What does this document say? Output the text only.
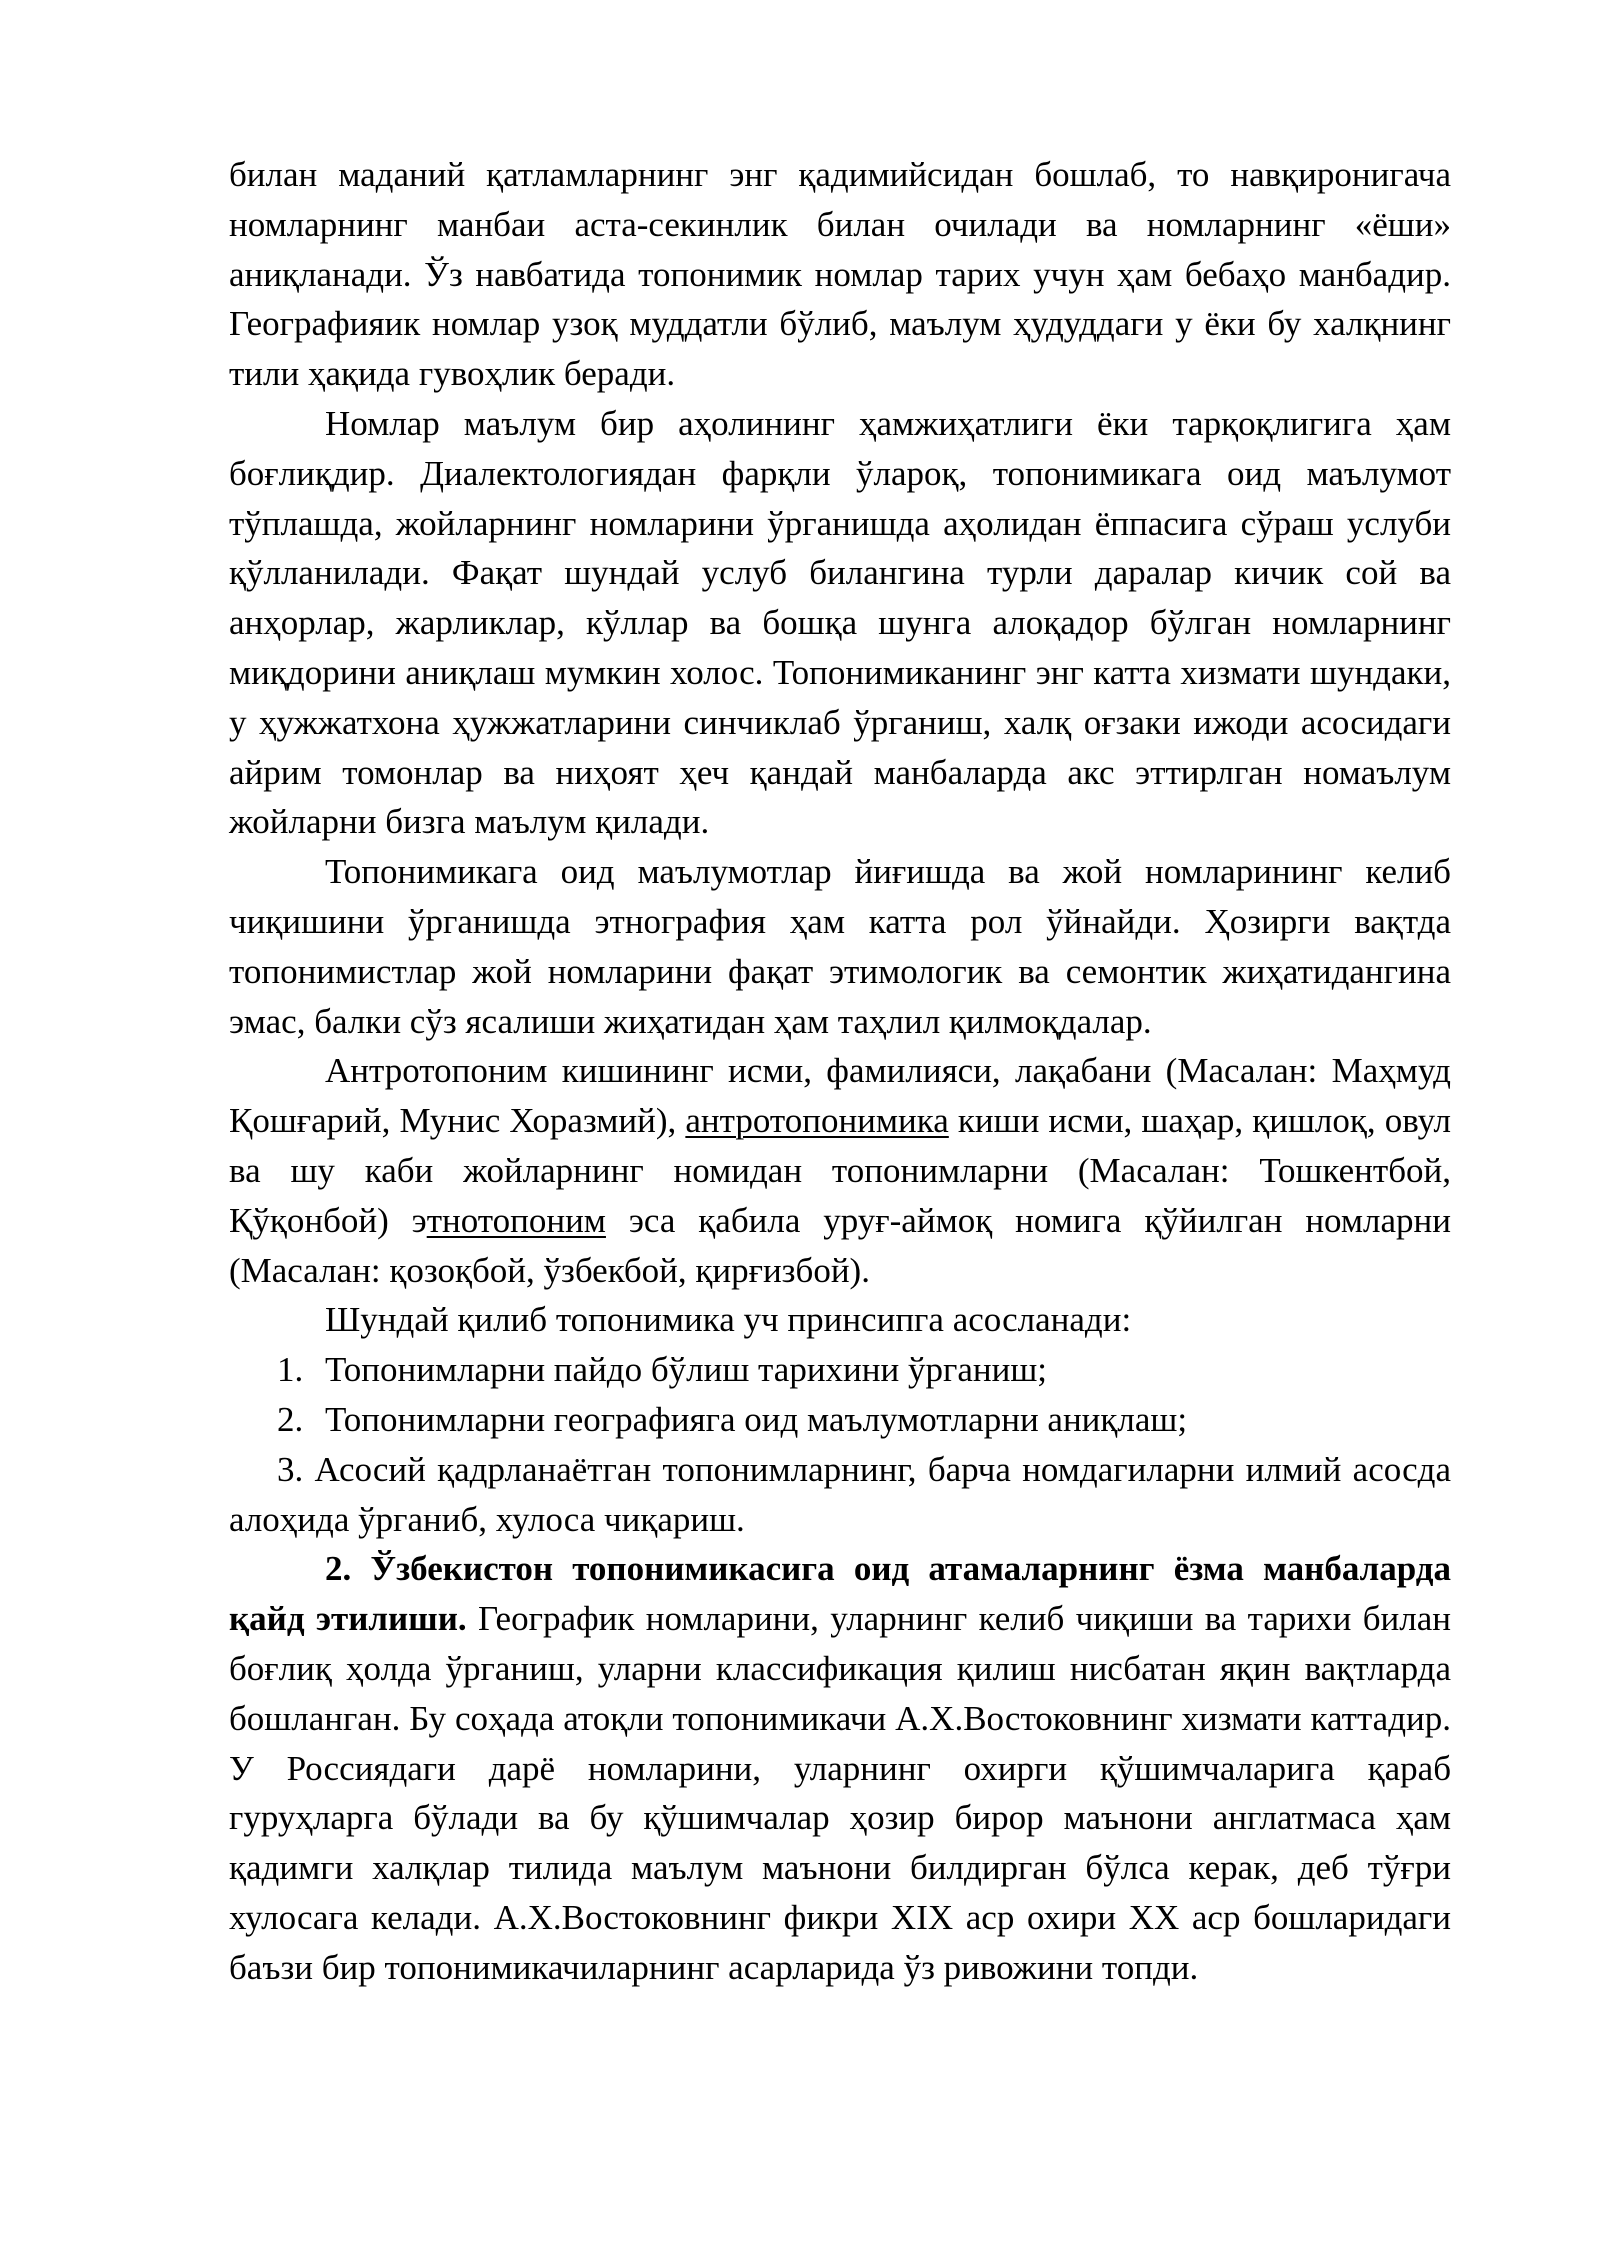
билан маданий қатламларнинг энг қадимийсидан бошлаб, то навқиронигача номларнинг манбаи аста-секинлик билан очилади ва номларнинг «ёши» аниқланади. Ўз навбатида топонимик номлар тарих учун ҳам бебаҳо манбадир. Географияик номлар узоқ муддатли бўлиб, маълум ҳудуддаги у ёки бу халқнинг тили ҳақида гувоҳлик беради.

Номлар маълум бир аҳолининг ҳамжиҳатлиги ёки тарқоқлигига ҳам боғлиқдир. Диалектологиядан фарқли ўлароқ, топонимикага оид маълумот тўплашда, жойларнинг номларини ўрганишда аҳолидан ёппасига сўраш услуби қўлланилади. Фақат шундай услуб билангина турли даралар кичик сой ва анҳорлар, жарликлар, кўллар ва бошқа шунга алоқадор бўлган номларнинг миқдорини аниқлаш мумкин холос. Топонимиканинг энг катта хизмати шундаки, у ҳужжатхона ҳужжатларини синчиклаб ўрганиш, халқ оғзаки ижоди асосидаги айрим томонлар ва ниҳоят ҳеч қандай манбаларда акс эттирлган номаълум жойларни бизга маълум қилади.

Топонимикага оид маълумотлар йиғишда ва жой номларининг келиб чиқишини ўрганишда этнография ҳам катта рол ўйнайди. Ҳозирги вақтда топонимистлар жой номларини фақат этимологик ва семонтик жиҳатидангина эмас, балки сўз ясалиши жиҳатидан ҳам таҳлил қилмоқдалар.

Антротопоним кишининг исми, фамилияси, лақабани (Масалан: Маҳмуд Қошғарий, Мунис Хоразмий), антротопонимика киши исми, шаҳар, қишлоқ, овул ва шу каби жойларнинг номидан топонимларни (Масалан: Тошкентбой, Қўқонбой) этнотопоним эса қабила уруғ-аймоқ номига қўйилган номларни (Масалан: қозоқбой, ўзбекбой, қирғизбой).

Шундай қилиб топонимика уч принсипга асосланади:

1. Топонимларни пайдо бўлиш тарихини ўрганиш;
2. Топонимларни географияга оид маълумотларни аниқлаш;

3. Асосий қадрланаётган топонимларнинг, барча номдагиларни илмий асосда алоҳида ўрганиб, хулоса чиқариш.

2. Ўзбекистон топонимикасига оид атамаларнинг ёзма манбаларда қайд этилиши. Географик номларини, уларнинг келиб чиқиши ва тарихи билан боғлиқ ҳолда ўрганиш, уларни классификация қилиш нисбатан яқин вақтларда бошланган. Бу соҳада атоқли топонимикачи А.Х.Востоковнинг хизмати каттадир. У Россиядаги дарё номларини, уларнинг охирги қўшимчаларига қараб гуруҳларга бўлади ва бу қўшимчалар ҳозир бирор маънони англатмаса ҳам қадимги халқлар тилида маълум маънони билдирган бўлса керак, деб тўғри хулосага келади. А.Х.Востоковнинг фикри XIX аср охири XX аср бошларидаги баъзи бир топонимикачиларнинг асарларида ўз ривожини топди.
